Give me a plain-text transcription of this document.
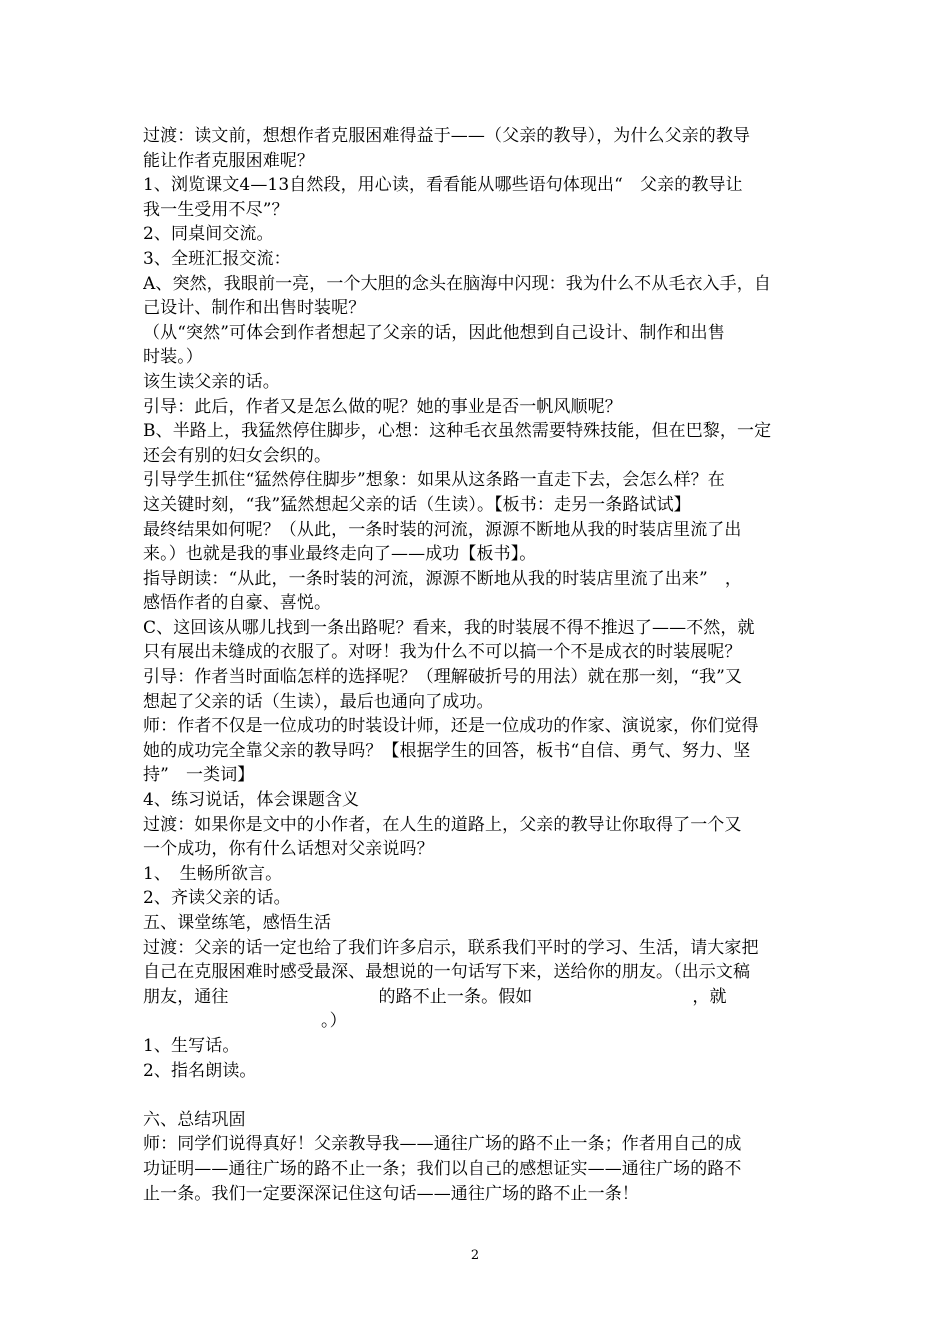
过渡：读文前，想想作者克服困难得益于——（父亲的教导），为什么父亲的教导
能让作者克服困难呢？
1、浏览课文4—13自然段，用心读，看看能从哪些语句体现出“　父亲的教导让
我一生受用不尽”？
2、同桌间交流。
3、全班汇报交流：
A、突然，我眼前一亮，一个大胆的念头在脑海中闪现：我为什么不从毛衣入手，自
己设计、制作和出售时装呢？
（从“突然”可体会到作者想起了父亲的话，因此他想到自己设计、制作和出售
时装。）
该生读父亲的话。
引导：此后，作者又是怎么做的呢？她的事业是否一帆风顺呢？
B、半路上，我猛然停住脚步，心想：这种毛衣虽然需要特殊技能，但在巴黎，一定
还会有别的妇女会织的。
引导学生抓住“猛然停住脚步”想象：如果从这条路一直走下去，会怎么样？在
这关键时刻，“我”猛然想起父亲的话（生读）。【板书：走另一条路试试】
最终结果如何呢？（从此，一条时装的河流，源源不断地从我的时装店里流了出
来。）也就是我的事业最终走向了——成功【板书】。
指导朗读：“从此，一条时装的河流，源源不断地从我的时装店里流了出来”　，
感悟作者的自豪、喜悦。
C、这回该从哪儿找到一条出路呢？看来，我的时装展不得不推迟了——不然，就
只有展出未缝成的衣服了。对呀！我为什么不可以搞一个不是成衣的时装展呢？
引导：作者当时面临怎样的选择呢？（理解破折号的用法）就在那一刻，“我”又
想起了父亲的话（生读），最后也通向了成功。
师：作者不仅是一位成功的时装设计师，还是一位成功的作家、演说家，你们觉得
她的成功完全靠父亲的教导吗？【根据学生的回答，板书“自信、勇气、努力、坚
持”　一类词】
4、练习说话，体会课题含义
过渡：如果你是文中的小作者，在人生的道路上，父亲的教导让你取得了一个又
一个成功，你有什么话想对父亲说吗？
1、　生畅所欲言。
2、齐读父亲的话。
五、课堂练笔，感悟生活
过渡：父亲的话一定也给了我们许多启示，联系我们平时的学习、生活，请大家把
自己在克服困难时感受最深、最想说的一句话写下来，送给你的朋友。（出示文稿
朋友，通往	的路不止一条。假如	，就
。）
1、生写话。
2、指名朗读。
六、总结巩固
师：同学们说得真好！父亲教导我——通往广场的路不止一条；作者用自己的成
功证明——通往广场的路不止一条；我们以自己的感想证实——通往广场的路不
止一条。我们一定要深深记住这句话——通往广场的路不止一条！
2
